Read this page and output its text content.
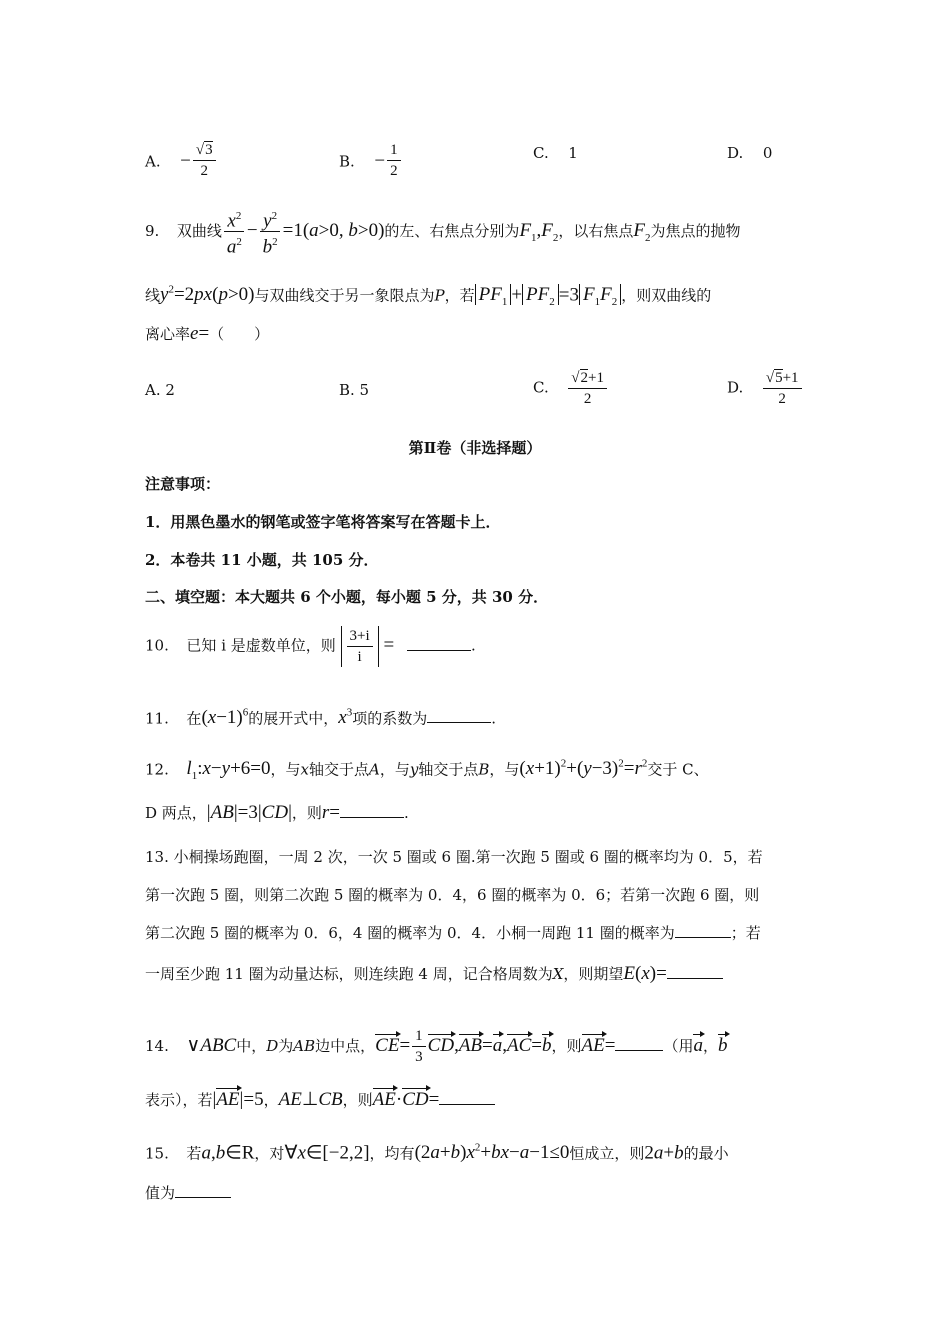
A. − $\frac{√3}{2}$	B. − $\frac{1}{2}$	C. 1	D. 0
9. 双曲线 $\frac{x^2}{a^2} - \frac{y^2}{b^2} =1(a>0$, b>0)的左、右焦点分别为$F_1,F_2$，以右焦点$F_2$为焦点的抛物
线$y^2=2px(p>0)$与双曲线交于另一象限点为P，若 $PF_1 + PF_2 =3$ $F_1F_2$ ，则双曲线的
离心率e=（　　）
A. 2	B. 5	C. $\frac{√2+1}{2}$	D. $\frac{√5+1}{2}$
第Ⅱ卷（非选择题）
注意事项：
1．用黑色墨水的钢笔或签字笔将答案写在答题卡上．
2．本卷共 11 小题，共 105 分．
二、填空题：本大题共 6 个小题，每小题 5 分，共 30 分．
10. 已知 i 是虚数单位，则 $\frac{3+i}{i}$ =	.
11. 在$(x-1)^6$的展开式中，$x^3$项的系数为	.
12. $l_1:x-y+6=0$，与x轴交于点A，与y轴交于点B，与$(x+1)^2+(y-3)^2=r^2$交于 C、
D 两点，|AB|=3|CD|，则r=	.
13. 小桐操场跑圈，一周 2 次，一次 5 圈或 6 圈.第一次跑 5 圈或 6 圈的概率均为 0．5，若
第一次跑 5 圈，则第二次跑 5 圈的概率为 0．4，6 圈的概率为 0．6；若第一次跑 6 圈，则
第二次跑 5 圈的概率为 0．6，4 圈的概率为 0．4．小桐一周跑 11 圈的概率为	；若
一周至少跑 11 圈为动量达标，则连续跑 4 周，记合格周数为X，则期望E(x)=
14. ∨ABC中，D为AB边中点，$CE= \frac{1}{3} CD,AB=a,AC=b$，则AE=	（用a，b
表示），若|AE|=5，AE⊥CB，则AE·CD=
15. 若a,b∈R，对∀x∈[−2,2]，均有$(2a+b)x^2+bx-a-1\le 0$恒成立，则2a+b的最小
值为
